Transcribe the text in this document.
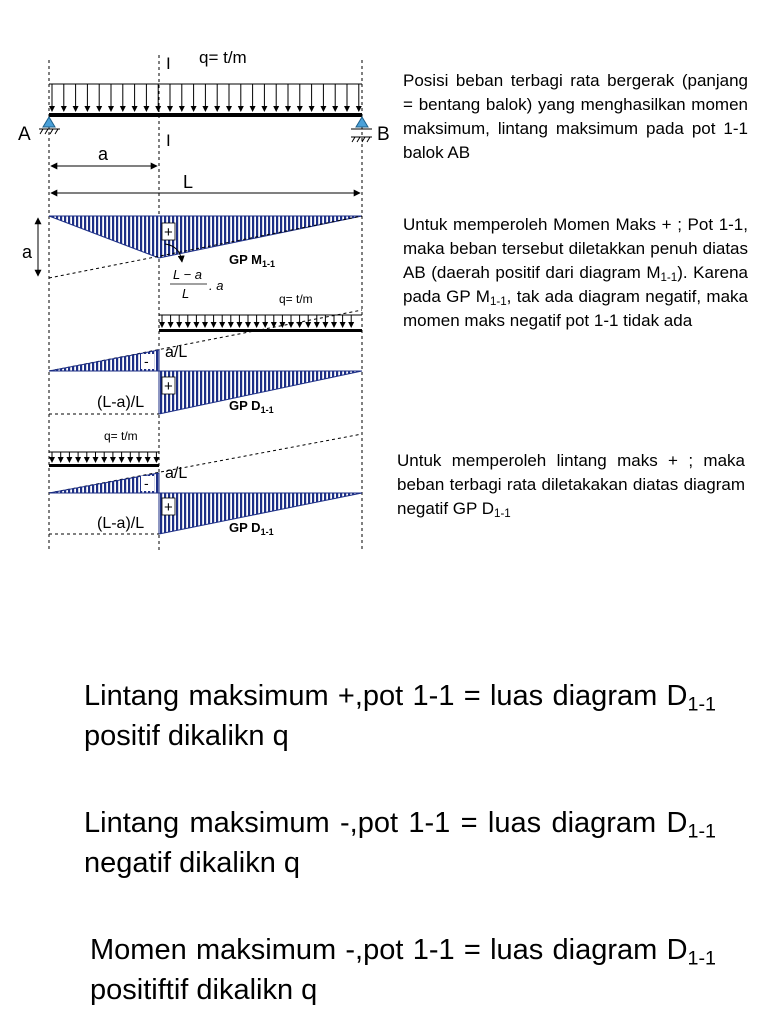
q= t/m
I
I
A	B
a
L
a
+
GP $M_{1-1}$
L − a
L
. a
q= t/m
-
+
a/L
(L-a)/L	GP $D_{1-1}$
q= t/m
-
+
a/L
(L-a)/L	GP $D_{1-1}$

Posisi beban terbagi rata bergerak (panjang = bentang balok) yang menghasilkan momen maksimum, lintang maksimum pada pot 1-1 balok AB

Untuk memperoleh Momen Maks + ; Pot 1-1, maka beban tersebut diletakkan penuh diatas AB (daerah positif dari diagram $M_{1-1}$). Karena pada GP $M_{1-1}$, tak ada diagram negatif, maka momen maks negatif pot 1-1 tidak ada

Untuk memperoleh lintang maks + ; maka beban terbagi rata diletakakan diatas diagram negatif GP $D_{1-1}$

Lintang maksimum +,pot 1-1 = luas diagram $D_{1-1}$ positif dikalikn q

Lintang maksimum -,pot 1-1 = luas diagram $D_{1-1}$ negatif dikalikn q

Momen maksimum -,pot 1-1 = luas diagram $D_{1-1}$ positiftif dikalikn q
